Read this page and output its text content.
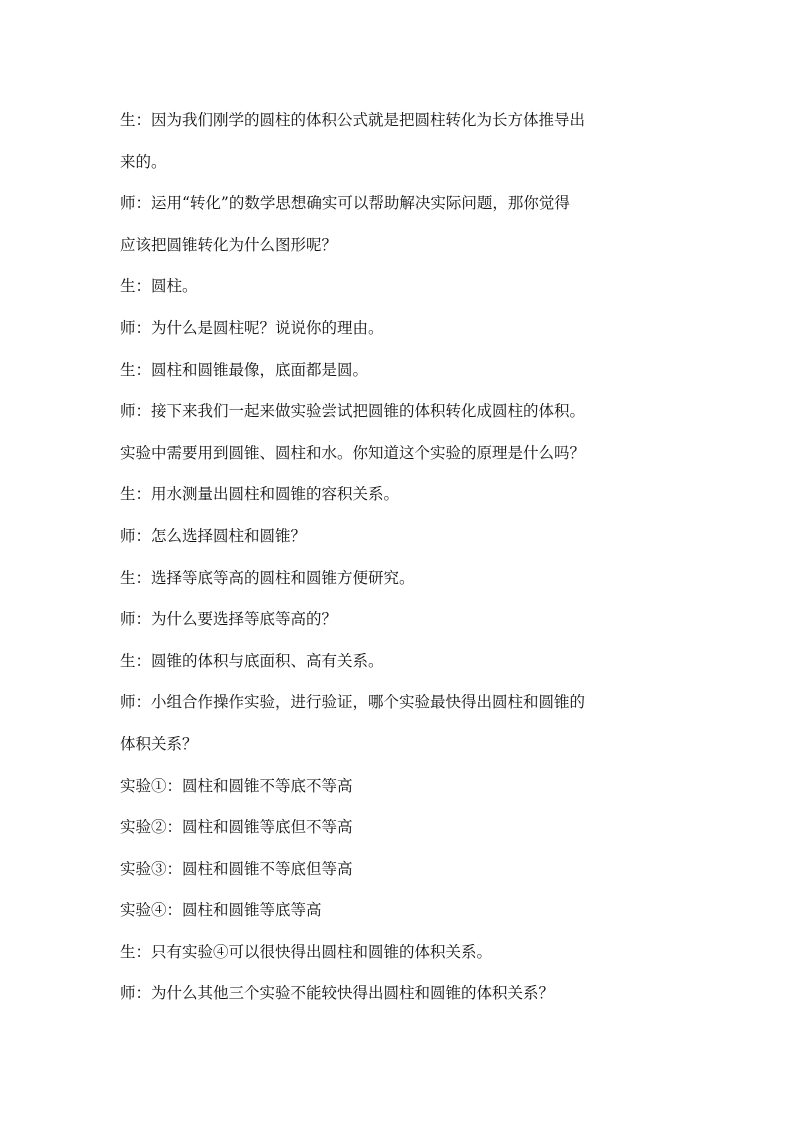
生：因为我们刚学的圆柱的体积公式就是把圆柱转化为长方体推导出

来的。

师：运用“转化”的数学思想确实可以帮助解决实际问题，那你觉得

应该把圆锥转化为什么图形呢？

生：圆柱。

师：为什么是圆柱呢？说说你的理由。

生：圆柱和圆锥最像，底面都是圆。

师：接下来我们一起来做实验尝试把圆锥的体积转化成圆柱的体积。

实验中需要用到圆锥、圆柱和水。你知道这个实验的原理是什么吗？

生：用水测量出圆柱和圆锥的容积关系。

师：怎么选择圆柱和圆锥？

生：选择等底等高的圆柱和圆锥方便研究。

师：为什么要选择等底等高的？

生：圆锥的体积与底面积、高有关系。

师：小组合作操作实验，进行验证，哪个实验最快得出圆柱和圆锥的

体积关系？

实验①：圆柱和圆锥不等底不等高

实验②：圆柱和圆锥等底但不等高

实验③：圆柱和圆锥不等底但等高

实验④：圆柱和圆锥等底等高

生：只有实验④可以很快得出圆柱和圆锥的体积关系。

师：为什么其他三个实验不能较快得出圆柱和圆锥的体积关系？
